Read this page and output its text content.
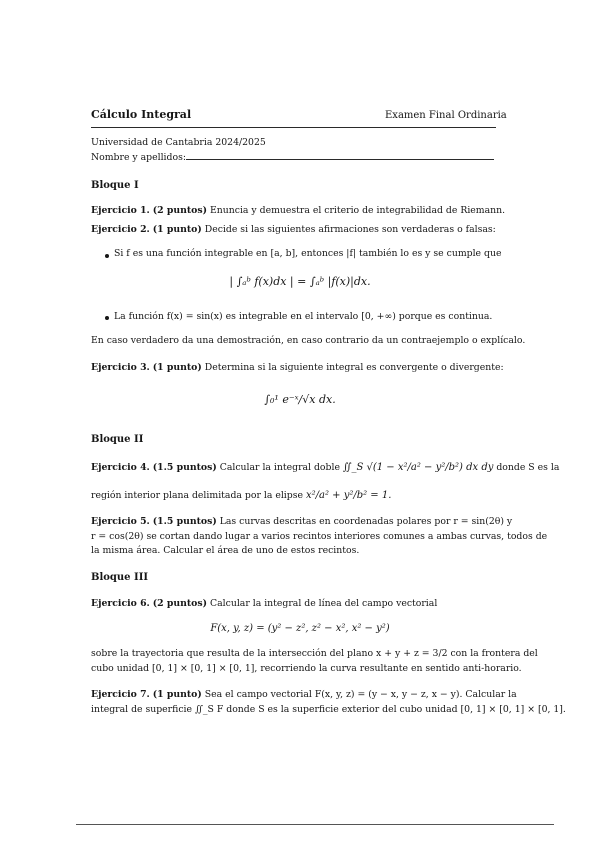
Cálculo Integral	Examen Final Ordinaria
Universidad de Cantabria 2024/2025
Nombre y apellidos:
Bloque I
Ejercicio 1. (2 puntos) Enuncia y demuestra el criterio de integrabilidad de Riemann.
Ejercicio 2. (1 punto) Decide si las siguientes afirmaciones son verdaderas o falsas:
Si f es una función integrable en [a, b], entonces |f| también lo es y se cumple que
| ∫ₐᵇ f(x)dx | = ∫ₐᵇ |f(x)|dx.
La función f(x) = sin(x) es integrable en el intervalo [0, +∞) porque es continua.
En caso verdadero da una demostración, en caso contrario da un contraejemplo o explícalo.
Ejercicio 3. (1 punto) Determina si la siguiente integral es convergente o divergente:
∫₀¹ e⁻ˣ/√x dx.
Bloque II
Ejercicio 4. (1.5 puntos) Calcular la integral doble ∬_S √(1 − x²/a² − y²/b²) dx dy donde S es la
región interior plana delimitada por la elipse x²/a² + y²/b² = 1.
Ejercicio 5. (1.5 puntos) Las curvas descritas en coordenadas polares por r = sin(2θ) y
r = cos(2θ) se cortan dando lugar a varios recintos interiores comunes a ambas curvas, todos de
la misma área. Calcular el área de uno de estos recintos.
Bloque III
Ejercicio 6. (2 puntos) Calcular la integral de línea del campo vectorial
F(x, y, z) = (y² − z², z² − x², x² − y²)
sobre la trayectoria que resulta de la intersección del plano x + y + z = 3/2 con la frontera del
cubo unidad [0, 1] × [0, 1] × [0, 1], recorriendo la curva resultante en sentido anti-horario.
Ejercicio 7. (1 punto) Sea el campo vectorial F(x, y, z) = (y − x, y − z, x − y). Calcular la
integral de superficie ∬_S F donde S es la superficie exterior del cubo unidad [0, 1] × [0, 1] × [0, 1].
